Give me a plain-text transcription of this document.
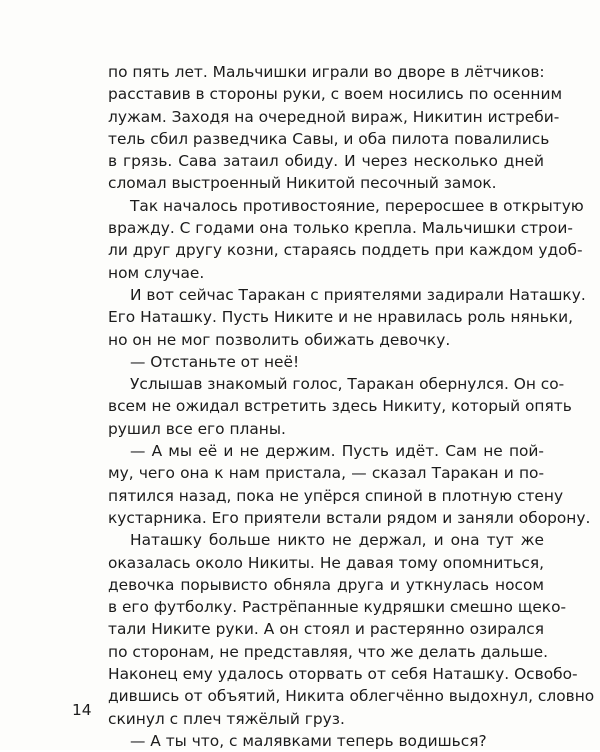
по пять лет. Мальчишки играли во дворе в лётчиков:
расставив в стороны руки, с воем носились по осенним
лужам. Заходя на очередной вираж, Никитин истреби-
тель сбил разведчика Савы, и оба пилота повалились
в грязь. Сава затаил обиду. И через несколько дней
сломал выстроенный Никитой песочный замок.
Так началось противостояние, переросшее в открытую
вражду. С годами она только крепла. Мальчишки строи-
ли друг другу козни, стараясь поддеть при каждом удоб-
ном случае.
И вот сейчас Таракан с приятелями задирали Наташку.
Его Наташку. Пусть Никите и не нравилась роль няньки,
но он не мог позволить обижать девочку.
— Отстаньте от неё!
Услышав знакомый голос, Таракан обернулся. Он со-
всем не ожидал встретить здесь Никиту, который опять
рушил все его планы.
— А мы её и не держим. Пусть идёт. Сам не пой-
му, чего она к нам пристала, — сказал Таракан и по-
пятился назад, пока не упёрся спиной в плотную стену
кустарника. Его приятели встали рядом и заняли оборону.
Наташку больше никто не держал, и она тут же
оказалась около Никиты. Не давая тому опомниться,
девочка порывисто обняла друга и уткнулась носом
в его футболку. Растрёпанные кудряшки смешно щеко-
тали Никите руки. А он стоял и растерянно озирался
по сторонам, не представляя, что же делать дальше.
Наконец ему удалось оторвать от себя Наташку. Освобо-
дившись от объятий, Никита облегчённо выдохнул, словно
скинул с плеч тяжёлый груз.
— А ты что, с малявками теперь водишься?
14
